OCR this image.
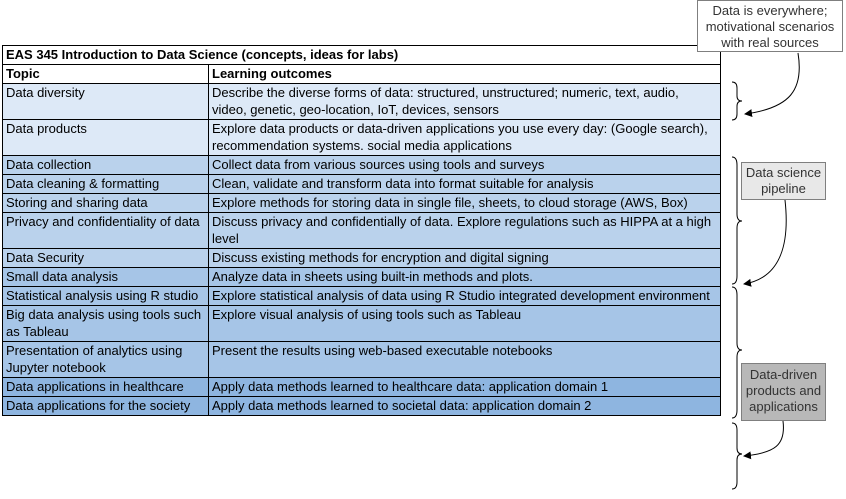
EAS 345 Introduction to Data Science (concepts, ideas for labs)	
Topic	Learning outcomes
Data diversity	Describe the diverse forms of data: structured, unstructured; numeric, text, audio, video, genetic, geo-location, IoT, devices, sensors
Data products	Explore data products or data-driven applications you use every day: (Google search), recommendation systems. social media applications
Data collection	Collect data from various sources using tools and surveys
Data cleaning & formatting	Clean, validate and transform data into format suitable for analysis
Storing and sharing data	Explore methods for storing data in single file, sheets, to cloud storage (AWS, Box)
Privacy and confidentiality of data	Discuss privacy and confidentially of data. Explore regulations such as HIPPA at a high level
Data Security	Discuss existing methods for encryption and digital signing
Small data analysis	Analyze data in sheets using built-in methods and plots.
Statistical analysis using R studio	Explore statistical analysis of data using R Studio integrated development environment
Big data analysis using tools such as Tableau	Explore visual analysis of using tools such as Tableau
Presentation of analytics using Jupyter notebook	Present the results using web-based executable notebooks
Data applications in healthcare	Apply data methods learned to healthcare data: application domain 1
Data applications for the society	Apply data methods learned to societal data: application domain 2
Data is everywhere; motivational scenarios with real sources
Data science pipeline
Data-driven products and applications
